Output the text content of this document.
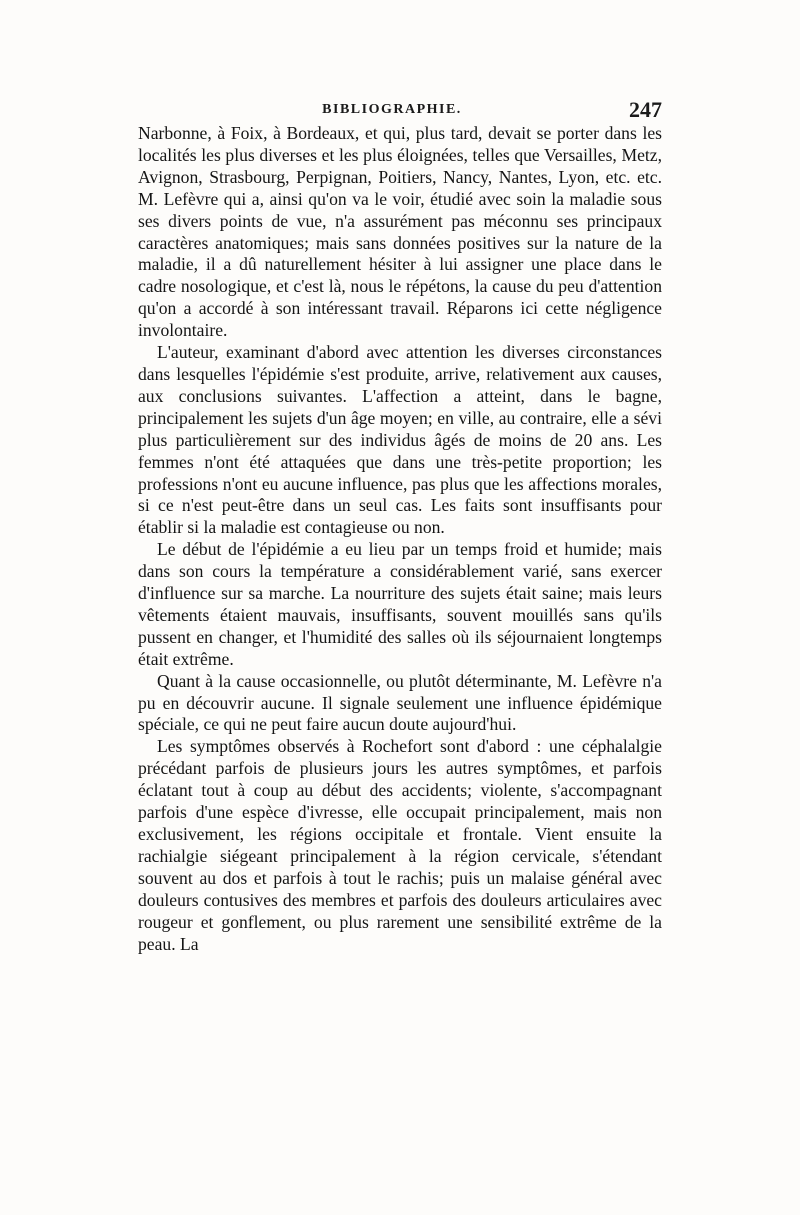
BIBLIOGRAPHIE.	247

Narbonne, à Foix, à Bordeaux, et qui, plus tard, devait se porter dans les localités les plus diverses et les plus éloignées, telles que Versailles, Metz, Avignon, Strasbourg, Perpignan, Poitiers, Nancy, Nantes, Lyon, etc. etc. M. Lefèvre qui a, ainsi qu'on va le voir, étudié avec soin la maladie sous ses divers points de vue, n'a assurément pas méconnu ses principaux caractères anatomiques; mais sans données positives sur la nature de la maladie, il a dû naturellement hésiter à lui assigner une place dans le cadre nosologique, et c'est là, nous le répétons, la cause du peu d'attention qu'on a accordé à son intéressant travail. Réparons ici cette négligence involontaire.

L'auteur, examinant d'abord avec attention les diverses circonstances dans lesquelles l'épidémie s'est produite, arrive, relativement aux causes, aux conclusions suivantes. L'affection a atteint, dans le bagne, principalement les sujets d'un âge moyen; en ville, au contraire, elle a sévi plus particulièrement sur des individus âgés de moins de 20 ans. Les femmes n'ont été attaquées que dans une très-petite proportion; les professions n'ont eu aucune influence, pas plus que les affections morales, si ce n'est peut-être dans un seul cas. Les faits sont insuffisants pour établir si la maladie est contagieuse ou non.

Le début de l'épidémie a eu lieu par un temps froid et humide; mais dans son cours la température a considérablement varié, sans exercer d'influence sur sa marche. La nourriture des sujets était saine; mais leurs vêtements étaient mauvais, insuffisants, souvent mouillés sans qu'ils pussent en changer, et l'humidité des salles où ils séjournaient longtemps était extrême.

Quant à la cause occasionnelle, ou plutôt déterminante, M. Lefèvre n'a pu en découvrir aucune. Il signale seulement une influence épidémique spéciale, ce qui ne peut faire aucun doute aujourd'hui.

Les symptômes observés à Rochefort sont d'abord : une céphalalgie précédant parfois de plusieurs jours les autres symptômes, et parfois éclatant tout à coup au début des accidents; violente, s'accompagnant parfois d'une espèce d'ivresse, elle occupait principalement, mais non exclusivement, les régions occipitale et frontale. Vient ensuite la rachialgie siégeant principalement à la région cervicale, s'étendant souvent au dos et parfois à tout le rachis; puis un malaise général avec douleurs contusives des membres et parfois des douleurs articulaires avec rougeur et gonflement, ou plus rarement une sensibilité extrême de la peau. La
